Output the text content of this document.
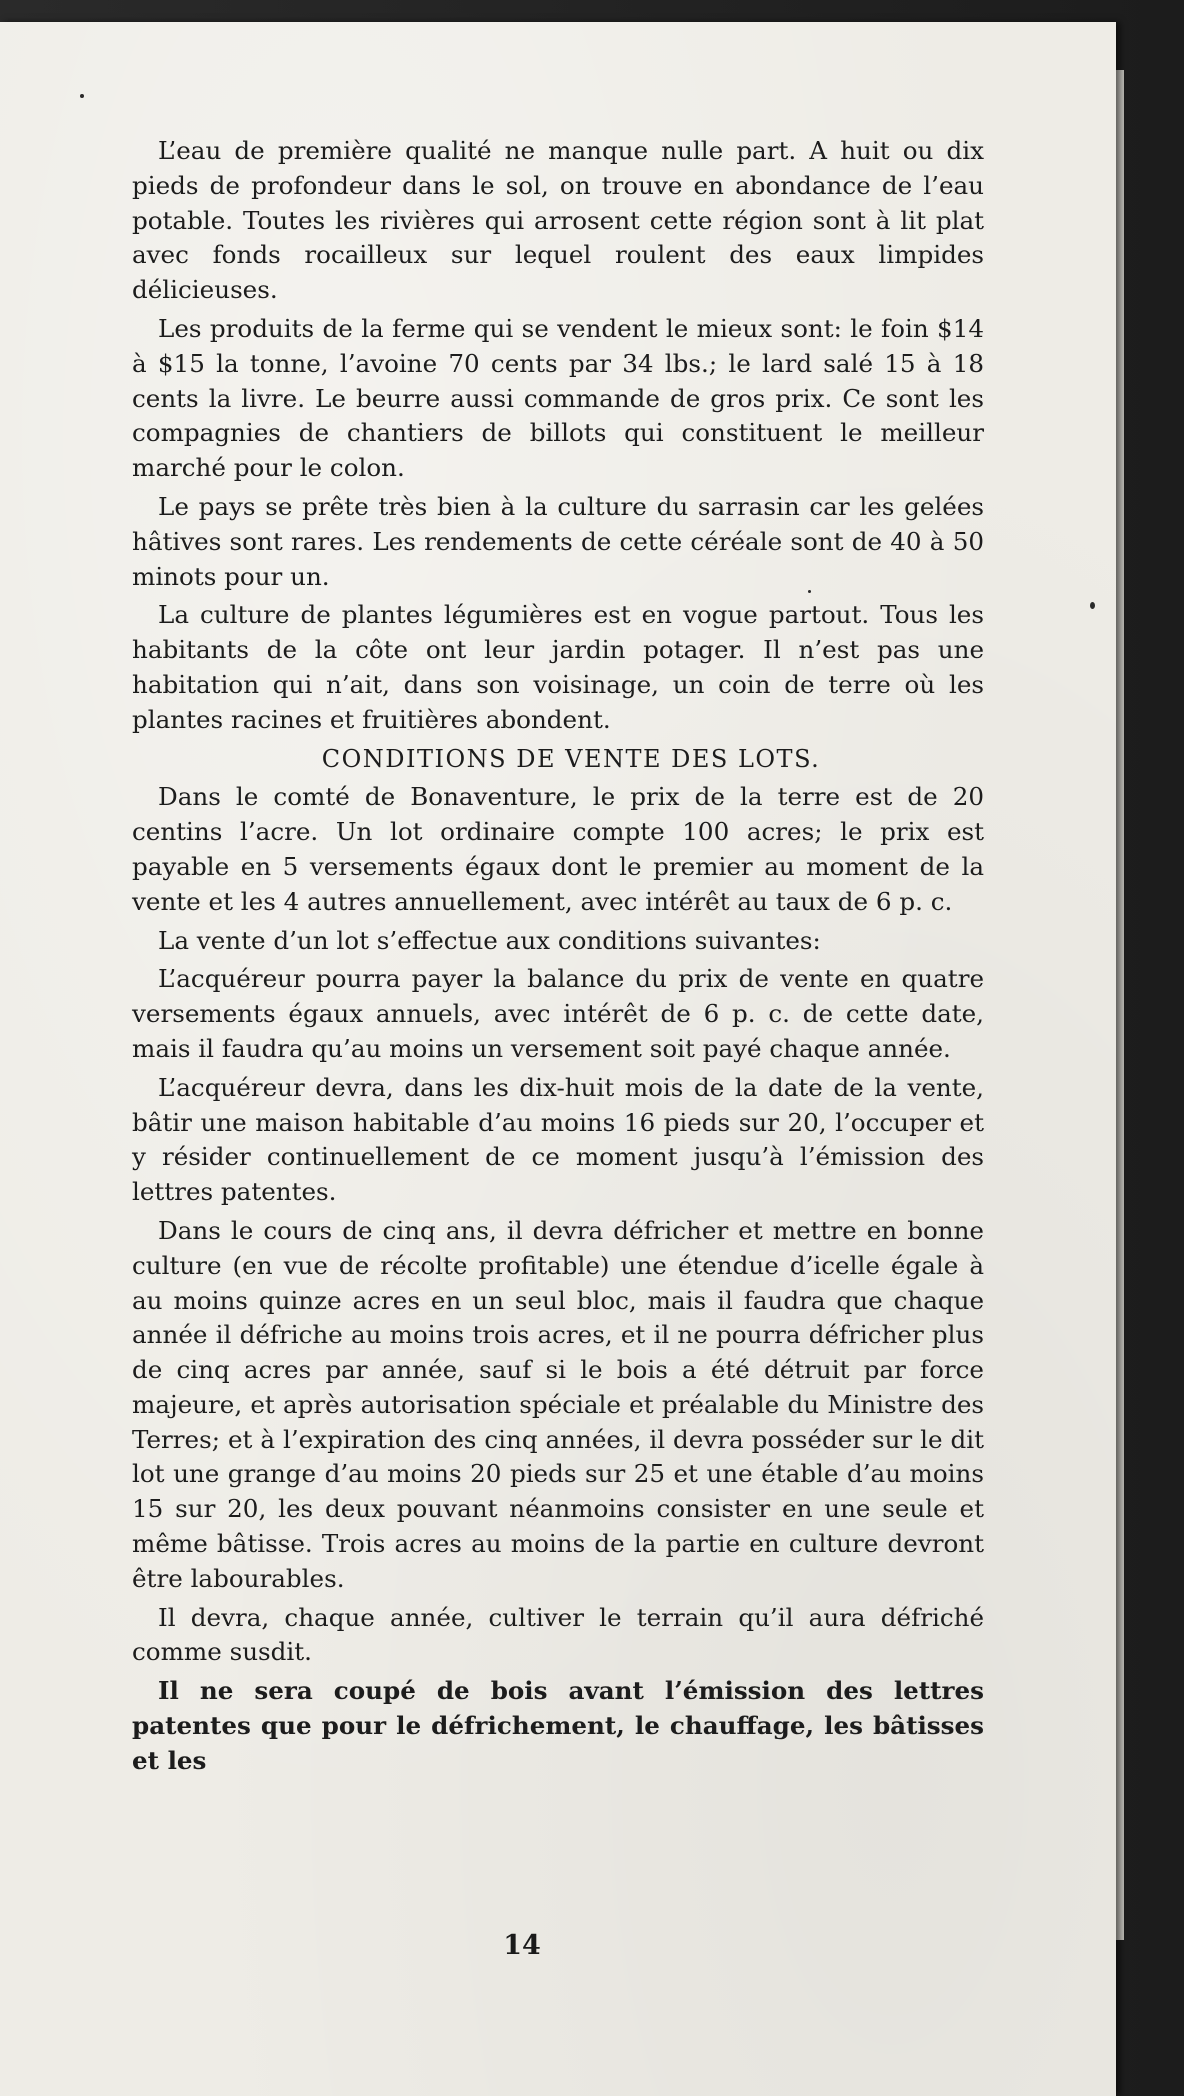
L’eau de première qualité ne manque nulle part. A huit ou dix pieds de profondeur dans le sol, on trouve en abondance de l’eau potable. Toutes les rivières qui arrosent cette région sont à lit plat avec fonds rocailleux sur lequel roulent des eaux limpides délicieuses.

Les produits de la ferme qui se vendent le mieux sont: le foin $14 à $15 la tonne, l’avoine 70 cents par 34 lbs.; le lard salé 15 à 18 cents la livre. Le beurre aussi commande de gros prix. Ce sont les compagnies de chantiers de billots qui constituent le meilleur marché pour le colon.

Le pays se prête très bien à la culture du sarrasin car les gelées hâtives sont rares. Les rendements de cette céréale sont de 40 à 50 minots pour un.

La culture de plantes légumières est en vogue partout. Tous les habitants de la côte ont leur jardin potager. Il n’est pas une habitation qui n’ait, dans son voisinage, un coin de terre où les plantes racines et fruitières abondent.

CONDITIONS DE VENTE DES LOTS.

Dans le comté de Bonaventure, le prix de la terre est de 20 centins l’acre. Un lot ordinaire compte 100 acres; le prix est payable en 5 versements égaux dont le premier au moment de la vente et les 4 autres annuellement, avec intérêt au taux de 6 p. c.

La vente d’un lot s’effectue aux conditions suivantes:

L’acquéreur pourra payer la balance du prix de vente en quatre versements égaux annuels, avec intérêt de 6 p. c. de cette date, mais il faudra qu’au moins un versement soit payé chaque année.

L’acquéreur devra, dans les dix-huit mois de la date de la vente, bâtir une maison habitable d’au moins 16 pieds sur 20, l’occuper et y résider continuellement de ce moment jusqu’à l’émission des lettres patentes.

Dans le cours de cinq ans, il devra défricher et mettre en bonne culture (en vue de récolte profitable) une étendue d’icelle égale à au moins quinze acres en un seul bloc, mais il faudra que chaque année il défriche au moins trois acres, et il ne pourra défricher plus de cinq acres par année, sauf si le bois a été détruit par force majeure, et après autorisation spéciale et préalable du Ministre des Terres; et à l’expiration des cinq années, il devra posséder sur le dit lot une grange d’au moins 20 pieds sur 25 et une étable d’au moins 15 sur 20, les deux pouvant néanmoins consister en une seule et même bâtisse. Trois acres au moins de la partie en culture devront être labourables.

Il devra, chaque année, cultiver le terrain qu’il aura défriché comme susdit.

Il ne sera coupé de bois avant l’émission des lettres patentes que pour le défrichement, le chauffage, les bâtisses et les

14
